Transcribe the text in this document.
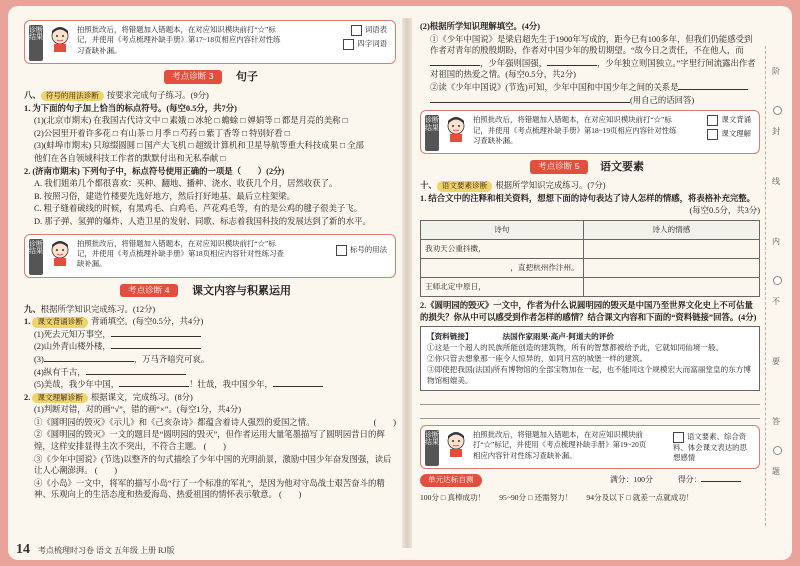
诊断结果
拍照批改后，将错题加入错题本，在对应知识模块前打“☆”标记，并使用《考点梳理补缺手册》第17~18页相应内容针对性练习查缺补漏。
词语表
四字词语
考点诊断 3	句子
八、 符号的用法诊断 按要求完成句子练习。(9分)
1. 为下面的句子加上恰当的标点符号。(每空0.5分，共7分)
(1)(北京市期末) 在我国古代诗文中 □ 素娥 □ 冰轮 □ 蟾蜍 □ 婵娟等 □ 都是月亮的美称 □
(2)公园里开着许多花 □ 有山茶 □ 月季 □ 芍药 □ 紫丁香等 □ 特别好看 □
(3)(蚌埠市期末) 只琼缀圆圆 □ 国产大飞机 □ 超级计算机和卫星导航等重大科技成果 □ 全部
他们在各自领域科技工作者的默默付出和无私奉献 □
2. (济南市期末) 下列句子中，标点符号使用正确的一项是（　　）(2分)
A. 我们姐弟几个都很喜欢：买种、翻地、播种、浇水、收获几个月，居然收获了。
B. 按照习俗，建造竹楼要先选好地方，然后打好地基、最后立柱架梁。
C. 粗子缝着破线的时候，有黑鸡毛、白鸡毛、芦花鸡毛等，有的是公鸡的毽子很美子飞。
D. 那子弹、氢弹的爆炸、人造卫星的发射、同歌、标志着我国科技的发展达到了新的水平。
诊断结果
拍照批改后，将错题加入错题本，在对应知识模块前打“☆”标记，并使用《考点梳理补缺手册》第18页相应内容针对性练习查缺补漏。
标号的用法
考点诊断 4	课文内容与积累运用
九、根据所学知识完成练习。(12分)
1. 课文背诵诊断 背诵填空。(每空0.5分，共4分)
(1)死去元知万事空，
(2)山外青山楼外楼，
(3)	，万马齐喑究可哀。
(4)纵有千古，
(5)美哉，我少年中国，	！壮哉，我中国少年，
2. 课文理解诊断 根据课文，完成练习。(8分)
(1)判断对错，对的画“√”，错的画“×”。(每空1分，共4分)
(　　)
①《圆明园的毁灭》《示儿》和《己亥杂诗》都蕴含着诗人强烈的爱国之情。
②《圆明园的毁灭》一文的题目是“圆明园的毁灭”，但作者运用大量笔墨描写了圆明园昔日的辉煌，这样安排显得主次不突出，不符合主题。 (　　)
③《少年中国说》(节选)以整齐的句式描绘了少年中国的光明前景，激励中国少年奋发图强，读后让人心潮澎湃。 (　　)
④《小岛》一文中，将军的描写小岛“行了一个标准的军礼”，是因为他对守岛战士艰苦奋斗的精神、乐观向上的生活态度和热爱海岛、热爱祖国的情怀表示敬意。 (　　)
14 考点梳理时习卷 语文 五年级 上册 RJ版
(2)根据所学知识理解填空。(4分)
①《少年中国说》是梁启超先生于1900年写成的，距今已有100多年，但我们仍能感受到作者对青年的殷殷期盼，作者对中国少年的殷切期望。“故今日之责任，不在他人，而
，少年强则国强，	，少年独立则国独立。”字里行间流露出作者对祖国的热爱之情。(每空0.5分，共2分)
②读《少年中国说》(节选)可知，少年中国和中国少年之间的关系是
(用自己的话回答)
诊断结果
拍照批改后，将错题加入错题本，在对应知识模块前打“☆”标记，并使用《考点梳理补缺手册》第18~19页相应内容针对性练习查缺补漏。
课文背诵
课文理解
考点诊断 5	语文要素
十、 语文要素诊断 根据所学知识完成练习。(7分)
1. 结合文中的注释和相关资料，想想下面的诗句表达了诗人怎样的情感，将表格补充完整。
(每空0.5分，共3分)
诗句	诗人的情感
我劝天公重抖擞，	
，直把杭州作汴州。	
王师北定中原日，	
2.《圆明园的毁灭》一文中，作者为什么说圆明园的毁灭是中国乃至世界文化史上不可估量的损失？你从中可以感受到作者怎样的感情？结合课文内容和下面的“资料链接”回答。(4分)
【资料链接】	法国作家雨果·高卢·阿道夫的评价
①这是一个超人的民族所能创造的建筑物，所有的智慧都被给予此，它就如同仙境一般。
②你只管去想象那一座令人惊异的，如同月宫的城堡一样的建筑。
③即使把我国(法国)所有博物馆的全部宝物加在一起，也不能同这个规模宏大而富丽堂皇的东方博物馆相媲美。
诊断结果
拍照批改后，将错题加入错题本，在对应知识模块前打“☆”标记，并使用《考点梳理补缺手册》第19~20页相应内容针对性练习查缺补漏。
语文要素、综合资料、体会课文表达的思想感情
单元达标自测	满分：100分	得分：
100分 □ 真棒成功！ 95~90分 □ 还需努力！ 94分及以下 □ 就差一点就成功！
阶
封
线
内
不
要
答
题
